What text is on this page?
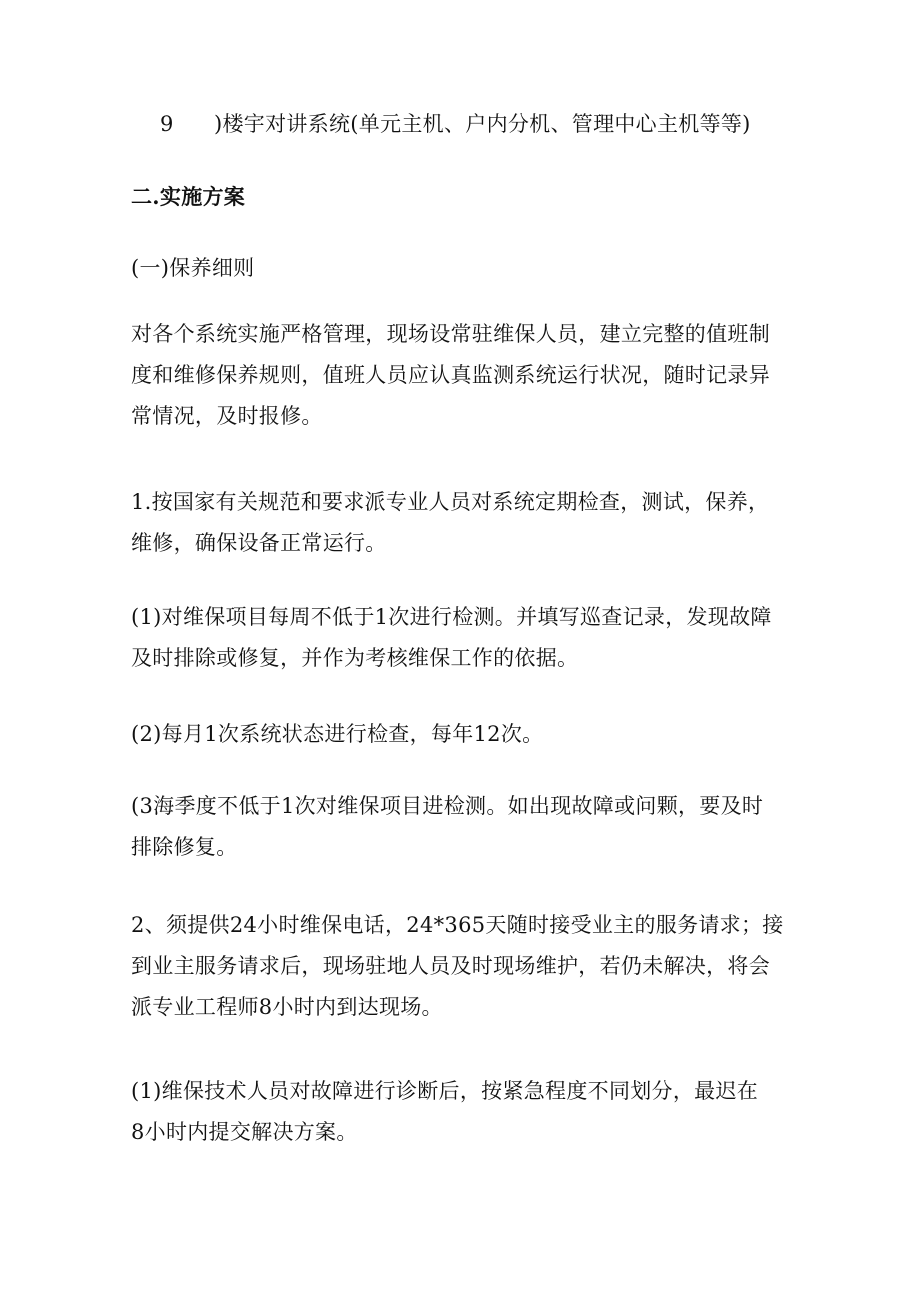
9 )楼宇对讲系统(单元主机、户内分机、管理中心主机等等)
二.实施方案
(一)保养细则
对各个系统实施严格管理，现场设常驻维保人员，建立完整的值班制
度和维修保养规则，值班人员应认真监测系统运行状况，随时记录异
常情况，及时报修。
1.按国家有关规范和要求派专业人员对系统定期检查，测试，保养，
维修，确保设备正常运行。
(1)对维保项目每周不低于1次进行检测。并填写巡查记录，发现故障
及时排除或修复，并作为考核维保工作的依据。
(2)每月1次系统状态进行检查，每年12次。
(3海季度不低于1次对维保项目进检测。如出现故障或问颗，要及时
排除修复。
2、须提供24小时维保电话，24*365天随时接受业主的服务请求；接
到业主服务请求后，现场驻地人员及时现场维护，若仍未解决，将会
派专业工程师8小时内到达现场。
(1)维保技术人员对故障进行诊断后，按紧急程度不同划分，最迟在
8小时内提交解决方案。
